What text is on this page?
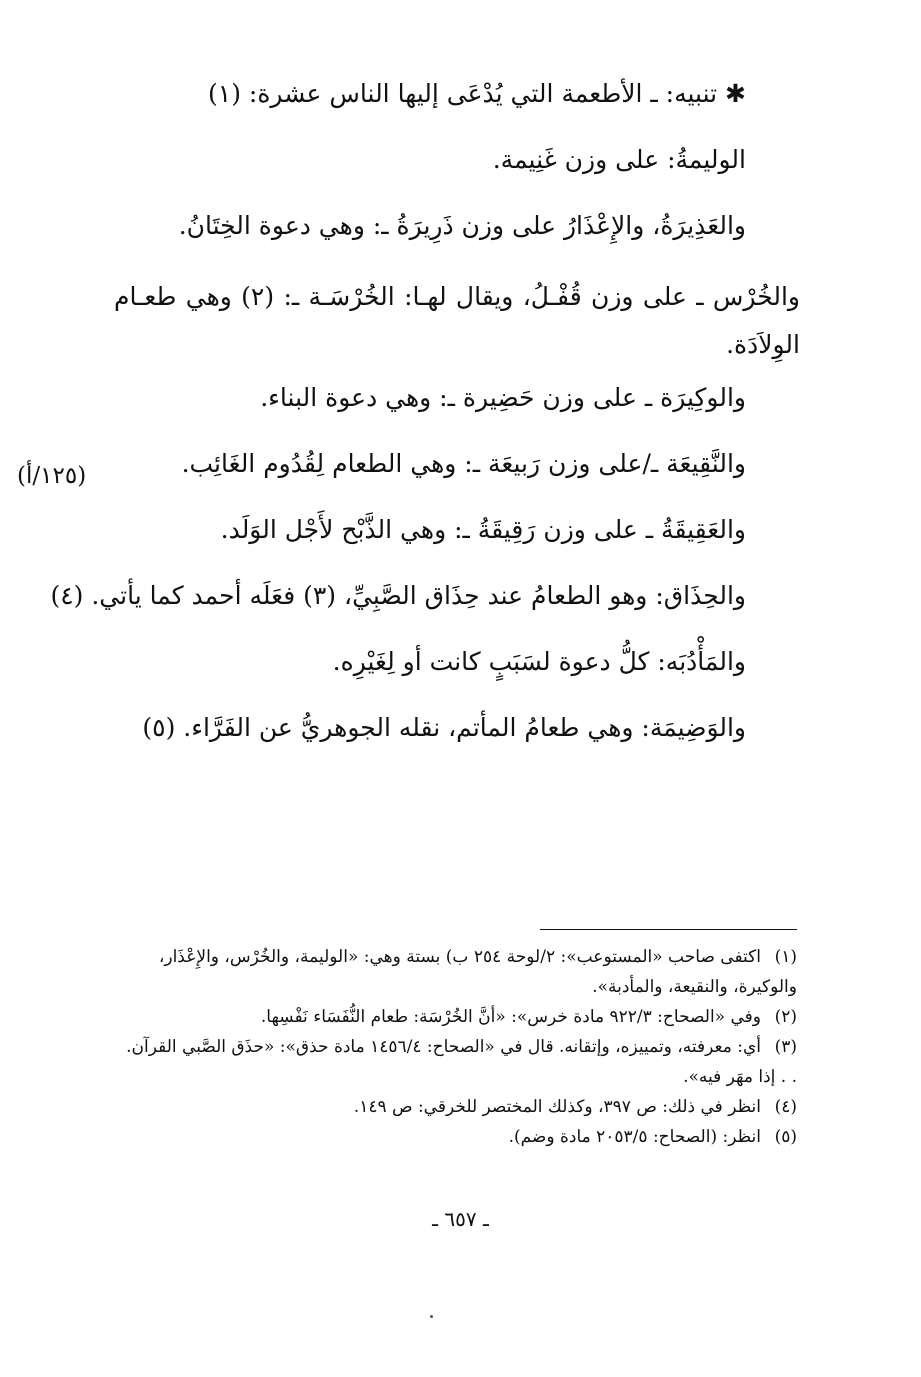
✱ تنبيه: ـ الأطعمة التي يُدْعَى إليها الناس عشرة: (١)
الوليمةُ: على وزن غَنِيمة.
والعَذِيرَةُ، والإِعْذَارُ على وزن ذَرِيرَةُ ـ: وهي دعوة الخِتَانُ.
والخُرْس ـ على وزن قُفْـلُ، ويقال لهـا: الخُرْسَـة ـ: (٢) وهي طعـام الوِلاَدَة.
والوكِيرَة ـ على وزن حَضِيرة ـ: وهي دعوة البناء.
والنَّقِيعَة ـ/على وزن رَبيعَة ـ: وهي الطعام لِقُدُوم الغَائِب.
والعَقِيقَةُ ـ على وزن رَقِيقَةُ ـ: وهي الذَّبْح لأَجْل الوَلَد.
والحِذَاق: وهو الطعامُ عند حِذَاق الصَّبِيِّ، (٣) فعَلَه أحمد كما يأتي. (٤)
والمَأْدُبَه: كلُّ دعوة لسَبَبٍ كانت أو لِغَيْرِه.
والوَضِيمَة: وهي طعامُ المأتم، نقله الجوهريُّ عن الفَرَّاء. (٥)
(١٢٥/أ)
(١)اكتفى صاحب «المستوعب»: ٢/لوحة ٢٥٤ ب) بستة وهي: «الوليمة، والخُرْس، والإِعْذَار، والوكيرة، والنقيعة، والمأدبة».
(٢)وفي «الصحاح: ٩٢٢/٣ مادة خرس»: «أنَّ الخُرْسَة: طعام النُّفَسَاء نَفْسِها.
(٣)أي: معرفته، وتمييزه، وإتقانه. قال في «الصحاح: ١٤٥٦/٤ مادة حذق»: «حذَق الصَّبي القرآن. . . إذا مهَر فيه».
(٤)انظر في ذلك: ص ٣٩٧، وكذلك المختصر للخرقي: ص ١٤٩.
(٥)انظر: (الصحاح: ٢٠٥٣/٥ مادة وضم).
ـ ٦٥٧ ـ
